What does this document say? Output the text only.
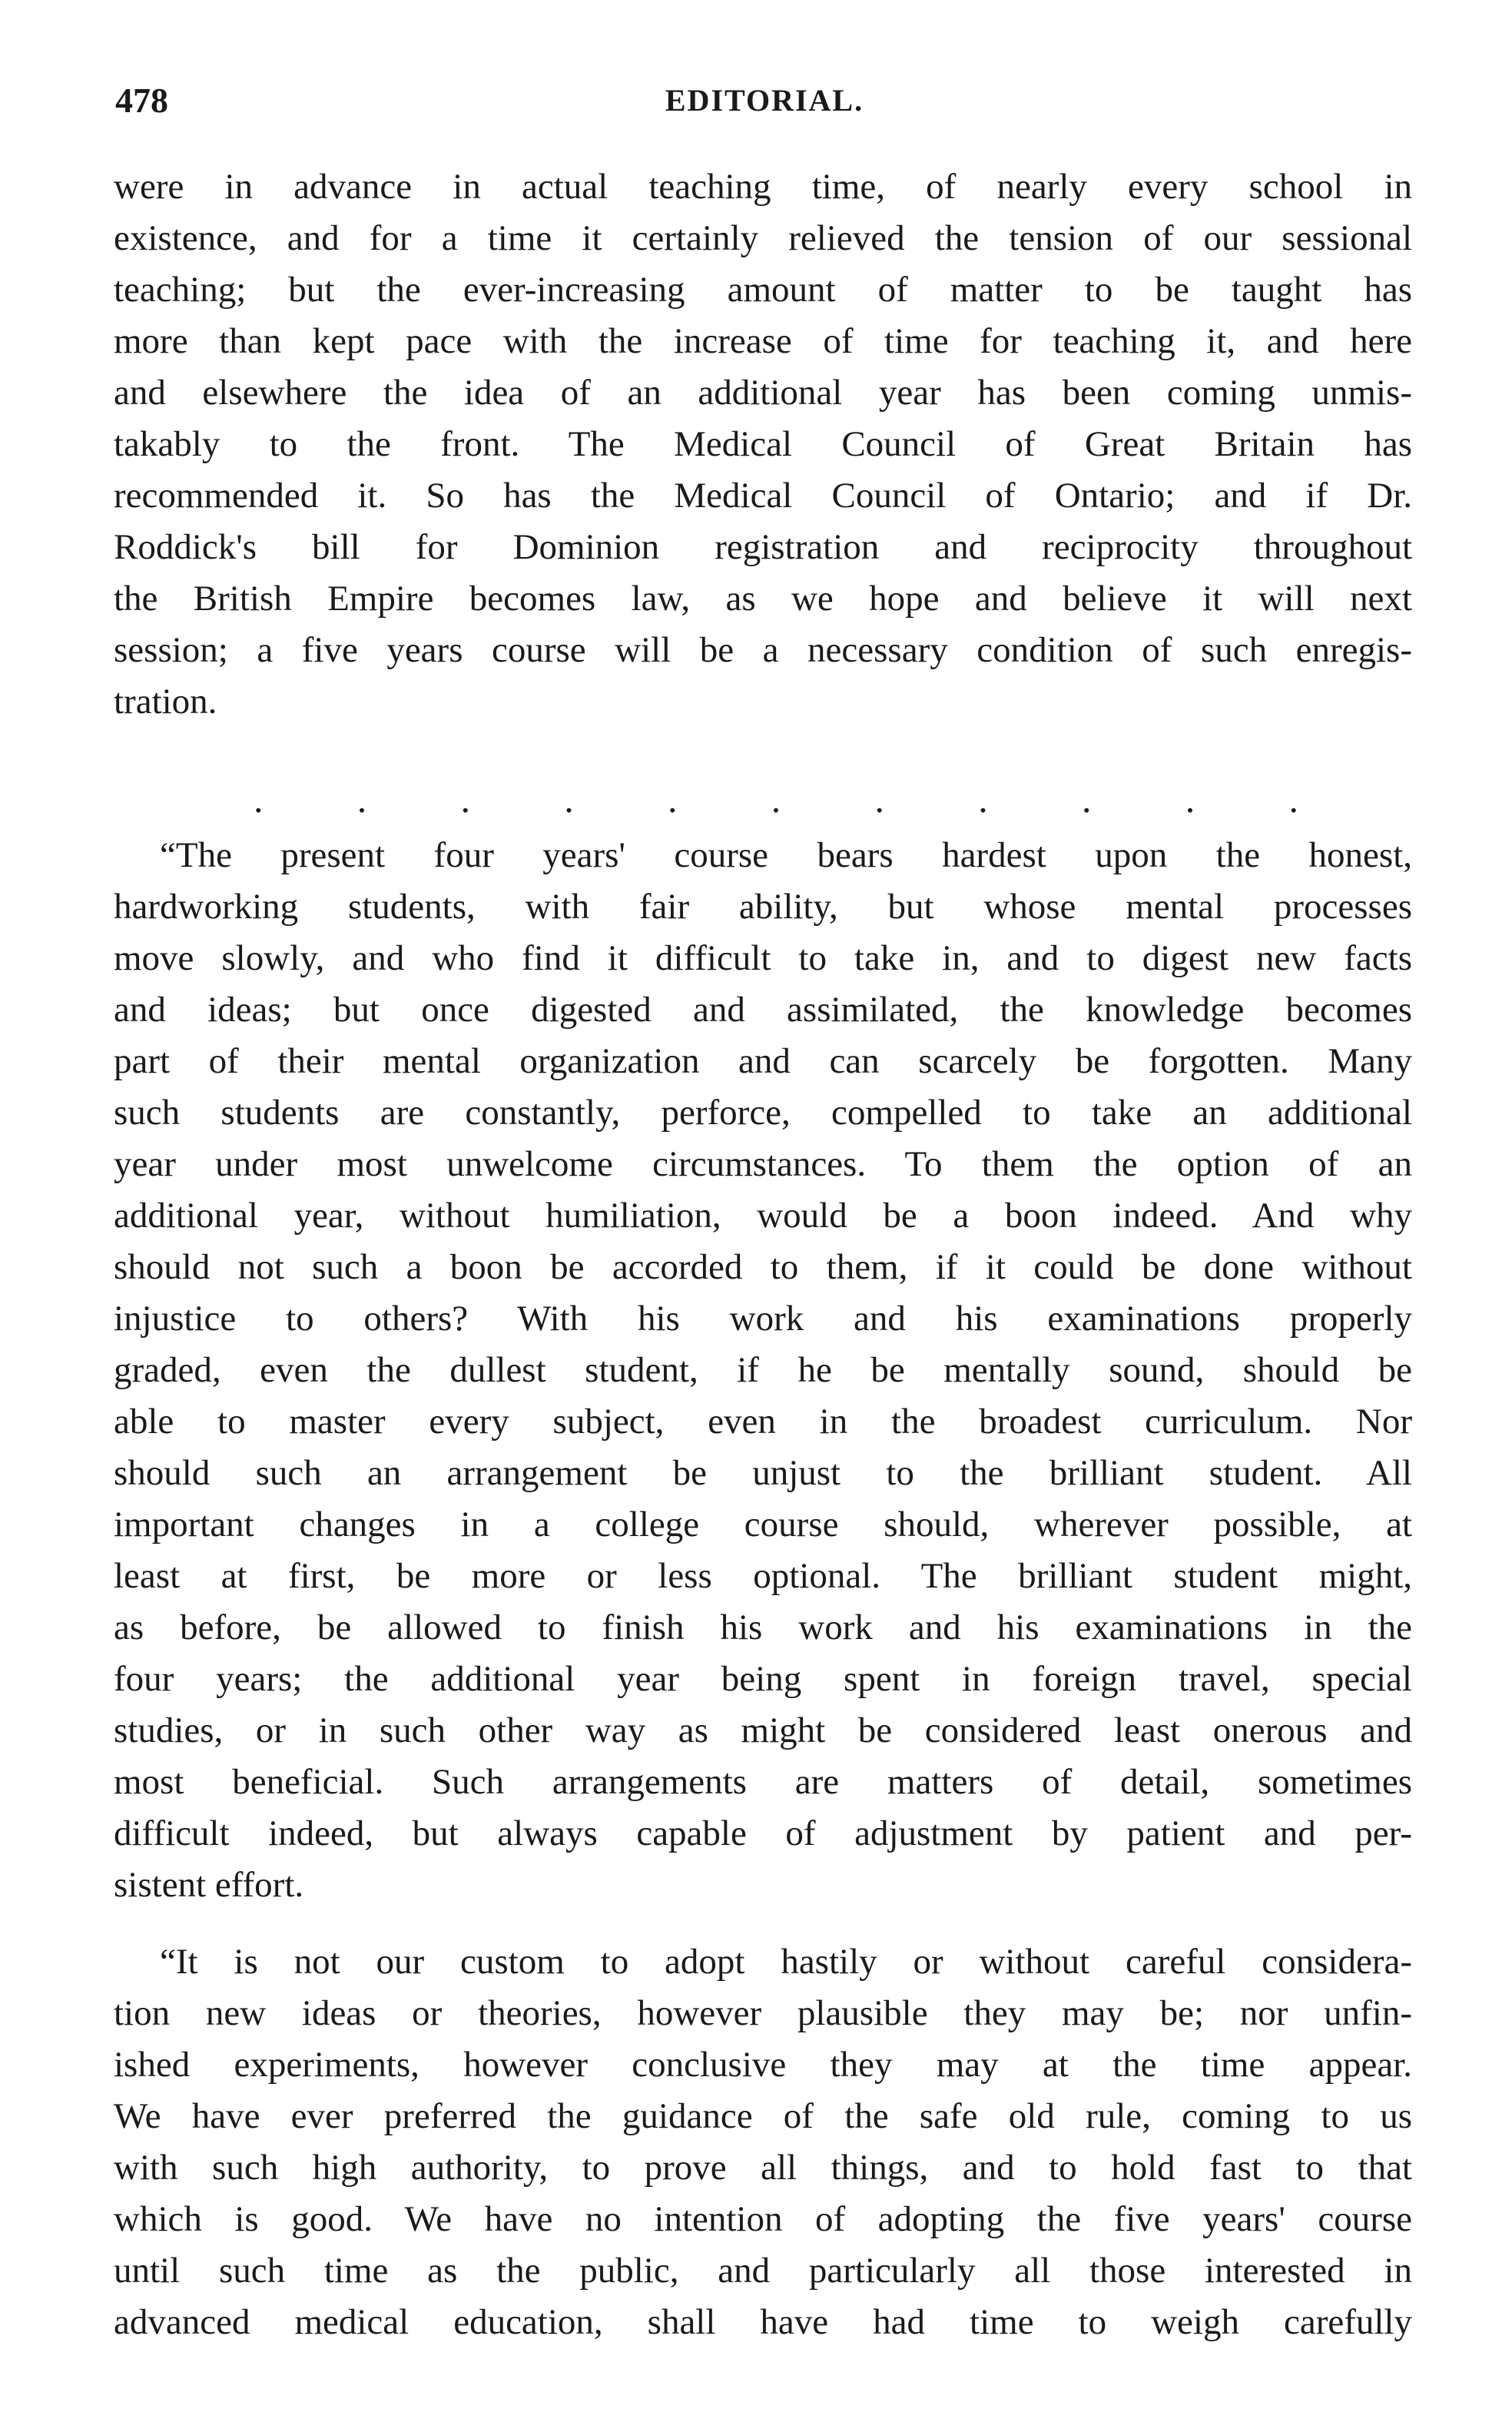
478	EDITORIAL.
were in advance in actual teaching time, of nearly every school in
existence, and for a time it certainly relieved the tension of our sessional
teaching; but the ever-increasing amount of matter to be taught has
more than kept pace with the increase of time for teaching it, and here
and elsewhere the idea of an additional year has been coming unmis-
takably to the front. The Medical Council of Great Britain has
recommended it. So has the Medical Council of Ontario; and if Dr.
Roddick's bill for Dominion registration and reciprocity throughout
the British Empire becomes law, as we hope and believe it will next
session; a five years course will be a necessary condition of such enregis-
tration.
. . . . . . . . . . .
“The present four years' course bears hardest upon the honest,
hardworking students, with fair ability, but whose mental processes
move slowly, and who find it difficult to take in, and to digest new facts
and ideas; but once digested and assimilated, the knowledge becomes
part of their mental organization and can scarcely be forgotten. Many
such students are constantly, perforce, compelled to take an additional
year under most unwelcome circumstances. To them the option of an
additional year, without humiliation, would be a boon indeed. And why
should not such a boon be accorded to them, if it could be done without
injustice to others? With his work and his examinations properly
graded, even the dullest student, if he be mentally sound, should be
able to master every subject, even in the broadest curriculum. Nor
should such an arrangement be unjust to the brilliant student. All
important changes in a college course should, wherever possible, at
least at first, be more or less optional. The brilliant student might,
as before, be allowed to finish his work and his examinations in the
four years; the additional year being spent in foreign travel, special
studies, or in such other way as might be considered least onerous and
most beneficial. Such arrangements are matters of detail, sometimes
difficult indeed, but always capable of adjustment by patient and per-
sistent effort.
“It is not our custom to adopt hastily or without careful considera-
tion new ideas or theories, however plausible they may be; nor unfin-
ished experiments, however conclusive they may at the time appear.
We have ever preferred the guidance of the safe old rule, coming to us
with such high authority, to prove all things, and to hold fast to that
which is good. We have no intention of adopting the five years' course
until such time as the public, and particularly all those interested in
advanced medical education, shall have had time to weigh carefully
